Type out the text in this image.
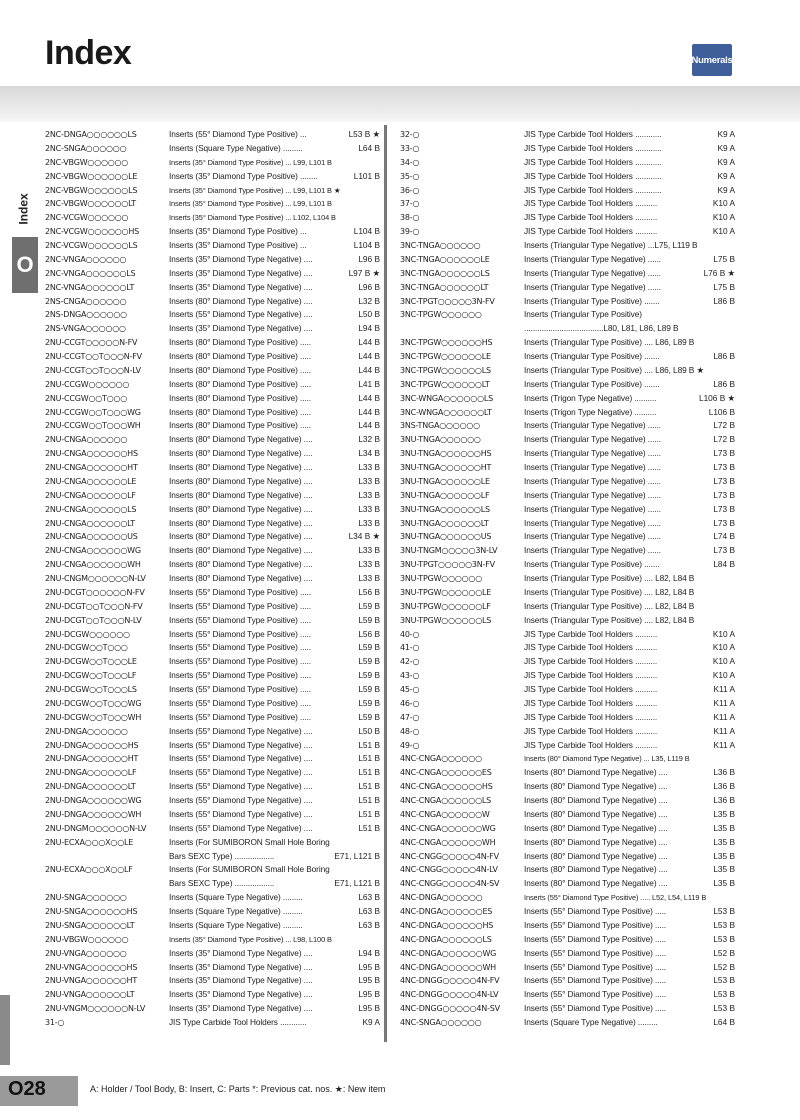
Index	Numerals
Index
O
2NC-DNGA○○○○○○LS	Inserts (55° Diamond Type Positive) ...	L53 B ★
2NC-SNGA○○○○○○	Inserts (Square Type Negative) .........	L64 B
2NC-VBGW○○○○○○	Inserts (35° Diamond Type Positive) ... L99, L101 B
2NC-VBGW○○○○○○LE	Inserts (35° Diamond Type Positive) ........	L101 B
2NC-VBGW○○○○○○LS	Inserts (35° Diamond Type Positive) ... L99, L101 B ★
2NC-VBGW○○○○○○LT	Inserts (35° Diamond Type Positive) ... L99, L101 B
2NC-VCGW○○○○○○	Inserts (35° Diamond Type Positive) ... L102, L104 B
2NC-VCGW○○○○○○HS	Inserts (35° Diamond Type Positive) ...	L104 B
2NC-VCGW○○○○○○LS	Inserts (35° Diamond Type Positive) ...	L104 B
2NC-VNGA○○○○○○	Inserts (35° Diamond Type Negative) ....	L96 B
2NC-VNGA○○○○○○LS	Inserts (35° Diamond Type Negative) ....	L97 B ★
2NC-VNGA○○○○○○LT	Inserts (35° Diamond Type Negative) ....	L96 B
2NS-CNGA○○○○○○	Inserts (80° Diamond Type Negative) ....	L32 B
2NS-DNGA○○○○○○	Inserts (55° Diamond Type Negative) ....	L50 B
2NS-VNGA○○○○○○	Inserts (35° Diamond Type Negative) ....	L94 B
2NU-CCGT○○○○○N-FV	Inserts (80° Diamond Type Positive) .....	L44 B
2NU-CCGT○○T○○○N-FV	Inserts (80° Diamond Type Positive) .....	L44 B
2NU-CCGT○○T○○○N-LV	Inserts (80° Diamond Type Positive) .....	L44 B
2NU-CCGW○○○○○○	Inserts (80° Diamond Type Positive) .....	L41 B
2NU-CCGW○○T○○○	Inserts (80° Diamond Type Positive) .....	L44 B
2NU-CCGW○○T○○○WG	Inserts (80° Diamond Type Positive) .....	L44 B
2NU-CCGW○○T○○○WH	Inserts (80° Diamond Type Positive) .....	L44 B
2NU-CNGA○○○○○○	Inserts (80° Diamond Type Negative) ....	L32 B
2NU-CNGA○○○○○○HS	Inserts (80° Diamond Type Negative) ....	L34 B
2NU-CNGA○○○○○○HT	Inserts (80° Diamond Type Negative) ....	L33 B
2NU-CNGA○○○○○○LE	Inserts (80° Diamond Type Negative) ....	L33 B
2NU-CNGA○○○○○○LF	Inserts (80° Diamond Type Negative) ....	L33 B
2NU-CNGA○○○○○○LS	Inserts (80° Diamond Type Negative) ....	L33 B
2NU-CNGA○○○○○○LT	Inserts (80° Diamond Type Negative) ....	L33 B
2NU-CNGA○○○○○○US	Inserts (80° Diamond Type Negative) ....	L34 B ★
2NU-CNGA○○○○○○WG	Inserts (80° Diamond Type Negative) ....	L33 B
2NU-CNGA○○○○○○WH	Inserts (80° Diamond Type Negative) ....	L33 B
2NU-CNGM○○○○○○N-LV	Inserts (80° Diamond Type Negative) ....	L33 B
2NU-DCGT○○○○○○N-FV	Inserts (55° Diamond Type Positive) .....	L56 B
2NU-DCGT○○T○○○N-FV	Inserts (55° Diamond Type Positive) .....	L59 B
2NU-DCGT○○T○○○N-LV	Inserts (55° Diamond Type Positive) .....	L59 B
2NU-DCGW○○○○○○	Inserts (55° Diamond Type Positive) .....	L56 B
2NU-DCGW○○T○○○	Inserts (55° Diamond Type Positive) .....	L59 B
2NU-DCGW○○T○○○LE	Inserts (55° Diamond Type Positive) .....	L59 B
2NU-DCGW○○T○○○LF	Inserts (55° Diamond Type Positive) .....	L59 B
2NU-DCGW○○T○○○LS	Inserts (55° Diamond Type Positive) .....	L59 B
2NU-DCGW○○T○○○WG	Inserts (55° Diamond Type Positive) .....	L59 B
2NU-DCGW○○T○○○WH	Inserts (55° Diamond Type Positive) .....	L59 B
2NU-DNGA○○○○○○	Inserts (55° Diamond Type Negative) ....	L50 B
2NU-DNGA○○○○○○HS	Inserts (55° Diamond Type Negative) ....	L51 B
2NU-DNGA○○○○○○HT	Inserts (55° Diamond Type Negative) ....	L51 B
2NU-DNGA○○○○○○LF	Inserts (55° Diamond Type Negative) ....	L51 B
2NU-DNGA○○○○○○LT	Inserts (55° Diamond Type Negative) ....	L51 B
2NU-DNGA○○○○○○WG	Inserts (55° Diamond Type Negative) ....	L51 B
2NU-DNGA○○○○○○WH	Inserts (55° Diamond Type Negative) ....	L51 B
2NU-DNGM○○○○○○N-LV	Inserts (55° Diamond Type Negative) ....	L51 B
2NU-ECXA○○○X○○LE	Inserts (For SUMIBORON Small Hole Boring
Bars SEXC Type) ..................	E71, L121 B
2NU-ECXA○○○X○○LF	Inserts (For SUMIBORON Small Hole Boring
Bars SEXC Type) ..................	E71, L121 B
2NU-SNGA○○○○○○	Inserts (Square Type Negative) .........	L63 B
2NU-SNGA○○○○○○HS	Inserts (Square Type Negative) .........	L63 B
2NU-SNGA○○○○○○LT	Inserts (Square Type Negative) .........	L63 B
2NU-VBGW○○○○○○	Inserts (35° Diamond Type Positive) ... L98, L100 B
2NU-VNGA○○○○○○	Inserts (35° Diamond Type Negative) ....	L94 B
2NU-VNGA○○○○○○HS	Inserts (35° Diamond Type Negative) ....	L95 B
2NU-VNGA○○○○○○HT	Inserts (35° Diamond Type Negative) ....	L95 B
2NU-VNGA○○○○○○LT	Inserts (35° Diamond Type Negative) ....	L95 B
2NU-VNGM○○○○○○N-LV	Inserts (35° Diamond Type Negative) ....	L95 B
31-○	JIS Type Carbide Tool Holders ............	K9 A
32-○	JIS Type Carbide Tool Holders ............	K9 A
33-○	JIS Type Carbide Tool Holders ............	K9 A
34-○	JIS Type Carbide Tool Holders ............	K9 A
35-○	JIS Type Carbide Tool Holders ............	K9 A
36-○	JIS Type Carbide Tool Holders ............	K9 A
37-○	JIS Type Carbide Tool Holders ..........	K10 A
38-○	JIS Type Carbide Tool Holders ..........	K10 A
39-○	JIS Type Carbide Tool Holders ..........	K10 A
3NC-TNGA○○○○○○	Inserts (Triangular Type Negative) ...L75, L119 B
3NC-TNGA○○○○○○LE	Inserts (Triangular Type Negative) ......	L75 B
3NC-TNGA○○○○○○LS	Inserts (Triangular Type Negative) ......	L76 B ★
3NC-TNGA○○○○○○LT	Inserts (Triangular Type Negative) ......	L75 B
3NC-TPGT○○○○○3N-FV	Inserts (Triangular Type Positive) .......	L86 B
3NC-TPGW○○○○○○	Inserts (Triangular Type Positive)
....................................L80, L81, L86, L89 B
3NC-TPGW○○○○○○HS	Inserts (Triangular Type Positive) .... L86, L89 B
3NC-TPGW○○○○○○LE	Inserts (Triangular Type Positive) .......	L86 B
3NC-TPGW○○○○○○LS	Inserts (Triangular Type Positive) .... L86, L89 B ★
3NC-TPGW○○○○○○LT	Inserts (Triangular Type Positive) .......	L86 B
3NC-WNGA○○○○○○LS	Inserts (Trigon Type Negative) ..........	L106 B ★
3NC-WNGA○○○○○○LT	Inserts (Trigon Type Negative) ..........	L106 B
3NS-TNGA○○○○○○	Inserts (Triangular Type Negative) ......	L72 B
3NU-TNGA○○○○○○	Inserts (Triangular Type Negative) ......	L72 B
3NU-TNGA○○○○○○HS	Inserts (Triangular Type Negative) ......	L73 B
3NU-TNGA○○○○○○HT	Inserts (Triangular Type Negative) ......	L73 B
3NU-TNGA○○○○○○LE	Inserts (Triangular Type Negative) ......	L73 B
3NU-TNGA○○○○○○LF	Inserts (Triangular Type Negative) ......	L73 B
3NU-TNGA○○○○○○LS	Inserts (Triangular Type Negative) ......	L73 B
3NU-TNGA○○○○○○LT	Inserts (Triangular Type Negative) ......	L73 B
3NU-TNGA○○○○○○US	Inserts (Triangular Type Negative) ......	L74 B
3NU-TNGM○○○○○3N-LV	Inserts (Triangular Type Negative) ......	L73 B
3NU-TPGT○○○○○3N-FV	Inserts (Triangular Type Positive) .......	L84 B
3NU-TPGW○○○○○○	Inserts (Triangular Type Positive) .... L82, L84 B
3NU-TPGW○○○○○○LE	Inserts (Triangular Type Positive) .... L82, L84 B
3NU-TPGW○○○○○○LF	Inserts (Triangular Type Positive) .... L82, L84 B
3NU-TPGW○○○○○○LS	Inserts (Triangular Type Positive) .... L82, L84 B
40-○	JIS Type Carbide Tool Holders ..........	K10 A
41-○	JIS Type Carbide Tool Holders ..........	K10 A
42-○	JIS Type Carbide Tool Holders ..........	K10 A
43-○	JIS Type Carbide Tool Holders ..........	K10 A
45-○	JIS Type Carbide Tool Holders ..........	K11 A
46-○	JIS Type Carbide Tool Holders ..........	K11 A
47-○	JIS Type Carbide Tool Holders ..........	K11 A
48-○	JIS Type Carbide Tool Holders ..........	K11 A
49-○	JIS Type Carbide Tool Holders ..........	K11 A
4NC-CNGA○○○○○○	Inserts (80° Diamond Type Negative) ... L35, L119 B
4NC-CNGA○○○○○○ES	Inserts (80° Diamond Type Negative) ....	L36 B
4NC-CNGA○○○○○○HS	Inserts (80° Diamond Type Negative) ....	L36 B
4NC-CNGA○○○○○○LS	Inserts (80° Diamond Type Negative) ....	L36 B
4NC-CNGA○○○○○○W	Inserts (80° Diamond Type Negative) ....	L35 B
4NC-CNGA○○○○○○WG	Inserts (80° Diamond Type Negative) ....	L35 B
4NC-CNGA○○○○○○WH	Inserts (80° Diamond Type Negative) ....	L35 B
4NC-CNGG○○○○○4N-FV	Inserts (80° Diamond Type Negative) ....	L35 B
4NC-CNGG○○○○○4N-LV	Inserts (80° Diamond Type Negative) ....	L35 B
4NC-CNGG○○○○○4N-SV	Inserts (80° Diamond Type Negative) ....	L35 B
4NC-DNGA○○○○○○	Inserts (55° Diamond Type Positive) ..... L52, L54, L119 B
4NC-DNGA○○○○○○ES	Inserts (55° Diamond Type Positive) .....	L53 B
4NC-DNGA○○○○○○HS	Inserts (55° Diamond Type Positive) .....	L53 B
4NC-DNGA○○○○○○LS	Inserts (55° Diamond Type Positive) .....	L53 B
4NC-DNGA○○○○○○WG	Inserts (55° Diamond Type Positive) .....	L52 B
4NC-DNGA○○○○○○WH	Inserts (55° Diamond Type Positive) .....	L52 B
4NC-DNGG○○○○○4N-FV	Inserts (55° Diamond Type Positive) .....	L53 B
4NC-DNGG○○○○○4N-LV	Inserts (55° Diamond Type Positive) .....	L53 B
4NC-DNGG○○○○○4N-SV	Inserts (55° Diamond Type Positive) .....	L53 B
4NC-SNGA○○○○○○	Inserts (Square Type Negative) .........	L64 B
O28	A: Holder / Tool Body, B: Insert, C: Parts *: Previous cat. nos. ★: New item
